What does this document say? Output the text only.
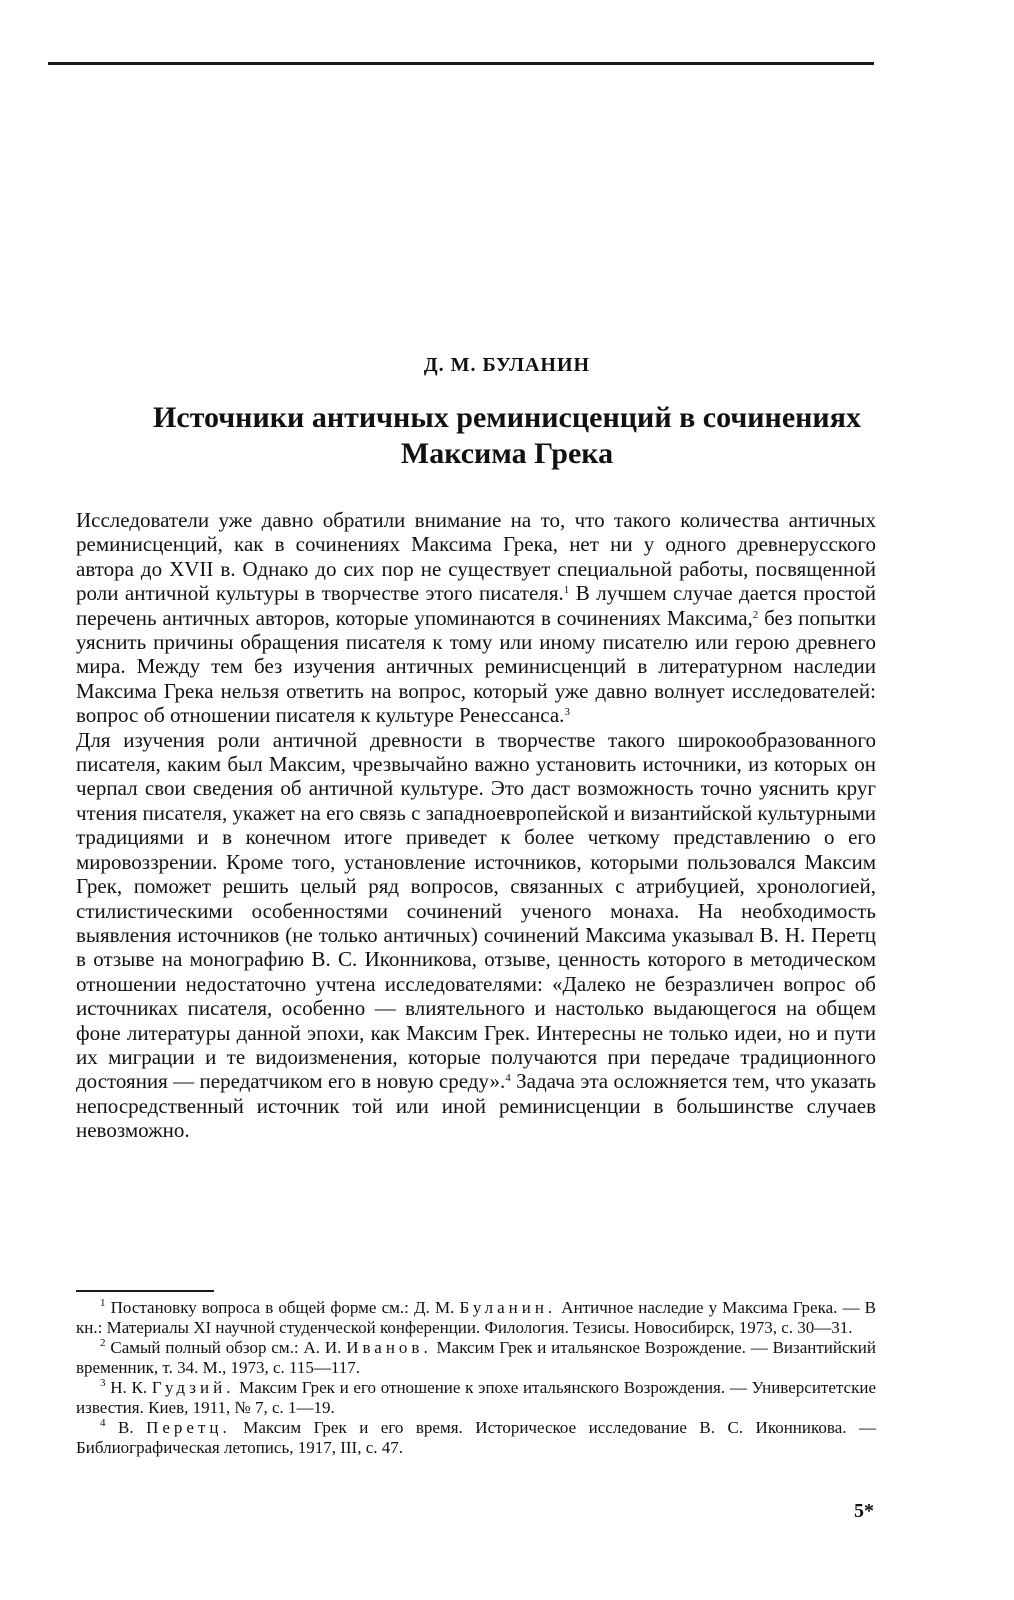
Д. М. БУЛАНИН
Источники античных реминисценций в сочинениях
Максима Грека

Исследователи уже давно обратили внимание на то, что такого количества античных реминисценций, как в сочинениях Максима Грека, нет ни у одного древнерусского автора до XVII в. Однако до сих пор не существует специальной работы, посвященной роли античной культуры в творчестве этого писателя.$^1$ В лучшем случае дается простой перечень античных авторов, которые упоминаются в сочинениях Максима,$^2$ без попытки уяснить причины обращения писателя к тому или иному писателю или герою древнего мира. Между тем без изучения античных реминисценций в литературном наследии Максима Грека нельзя ответить на вопрос, который уже давно волнует исследователей: вопрос об отношении писателя к культуре Ренессанса.$^3$

Для изучения роли античной древности в творчестве такого широкообразованного писателя, каким был Максим, чрезвычайно важно установить источники, из которых он черпал свои сведения об античной культуре. Это даст возможность точно уяснить круг чтения писателя, укажет на его связь с западноевропейской и византийской культурными традициями и в конечном итоге приведет к более четкому представлению о его мировоззрении. Кроме того, установление источников, которыми пользовался Максим Грек, поможет решить целый ряд вопросов, связанных с атрибуцией, хронологией, стилистическими особенностями сочинений ученого монаха. На необходимость выявления источников (не только античных) сочинений Максима указывал В. Н. Перетц в отзыве на монографию В. С. Иконникова, отзыве, ценность которого в методическом отношении недостаточно учтена исследователями: «Далеко не безразличен вопрос об источниках писателя, особенно — влиятельного и настолько выдающегося на общем фоне литературы данной эпохи, как Максим Грек. Интересны не только идеи, но и пути их миграции и те видоизменения, которые получаются при передаче традиционного достояния — передатчиком его в новую среду».$^4$ Задача эта осложняется тем, что указать непосредственный источник той или иной реминисценции в большинстве случаев невозможно.

$^1$ Постановку вопроса в общей форме см.: Д. М. Буланин. Античное наследие у Максима Грека. — В кн.: Материалы XI научной студенческой конференции. Филология. Тезисы. Новосибирск, 1973, с. 30—31.

$^2$ Самый полный обзор см.: А. И. Иванов. Максим Грек и итальянское Возрождение. — Византийский временник, т. 34. М., 1973, с. 115—117.

$^3$ Н. К. Гудзий. Максим Грек и его отношение к эпохе итальянского Возрождения. — Университетские известия. Киев, 1911, № 7, с. 1—19.

$^4$ В. Перетц. Максим Грек и его время. Историческое исследование В. С. Иконникова. — Библиографическая летопись, 1917, III, с. 47.

5*
